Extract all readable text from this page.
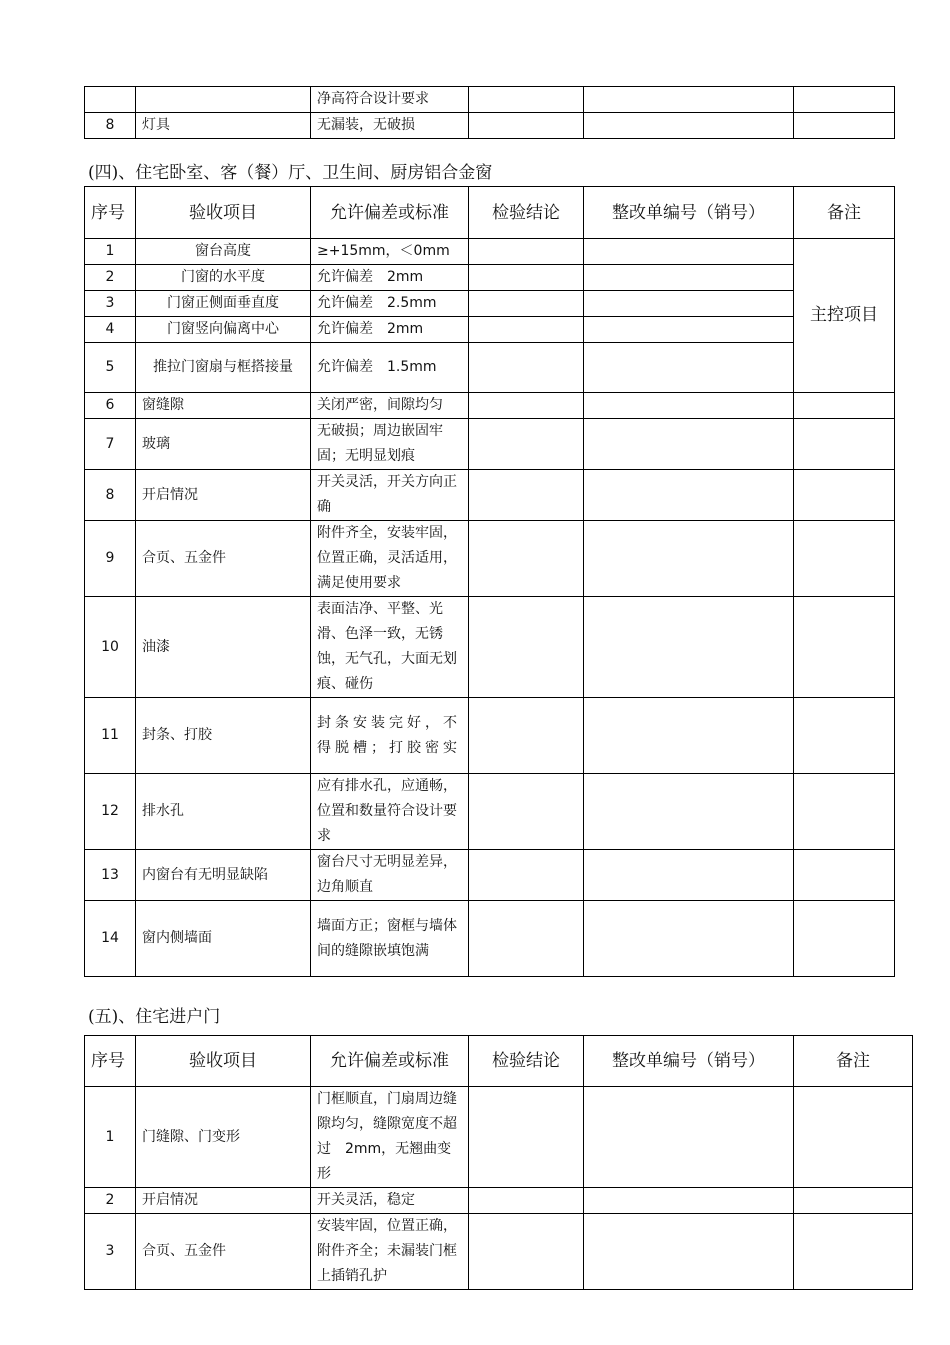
		净高符合设计要求			
8	灯具	无漏装，无破损			
(四)、住宅卧室、客（餐）厅、卫生间、厨房铝合金窗
序号	验收项目	允许偏差或标准	检验结论	整改单编号（销号）	备注
1	窗台高度	≥+15mm，＜0mm			主控项目
2	门窗的水平度	允许偏差　2mm			
3	门窗正侧面垂直度	允许偏差　2.5mm			
4	门窗竖向偏离中心	允许偏差　2mm			
5	推拉门窗扇与框搭接量	允许偏差　1.5mm			
6	窗缝隙	关闭严密，间隙均匀			
7	玻璃	无破损；周边嵌固牢固；无明显划痕			
8	开启情况	开关灵活，开关方向正确			
9	合页、五金件	附件齐全，安装牢固，位置正确，灵活适用，满足使用要求			
10	油漆	表面洁净、平整、光滑、色泽一致，无锈蚀，无气孔，大面无划痕、碰伤			
11	封条、打胶	封条安装完好，不得脱槽；打胶密实			
12	排水孔	应有排水孔，应通畅，位置和数量符合设计要求			
13	内窗台有无明显缺陷	窗台尺寸无明显差异，边角顺直			
14	窗内侧墙面	墙面方正；窗框与墙体间的缝隙嵌填饱满			
(五)、住宅进户门
序号	验收项目	允许偏差或标准	检验结论	整改单编号（销号）	备注
1	门缝隙、门变形	门框顺直，门扇周边缝隙均匀，缝隙宽度不超过　2mm，无翘曲变形			
2	开启情况	开关灵活，稳定			
3	合页、五金件	安装牢固，位置正确，附件齐全；未漏装门框上插销孔护			
